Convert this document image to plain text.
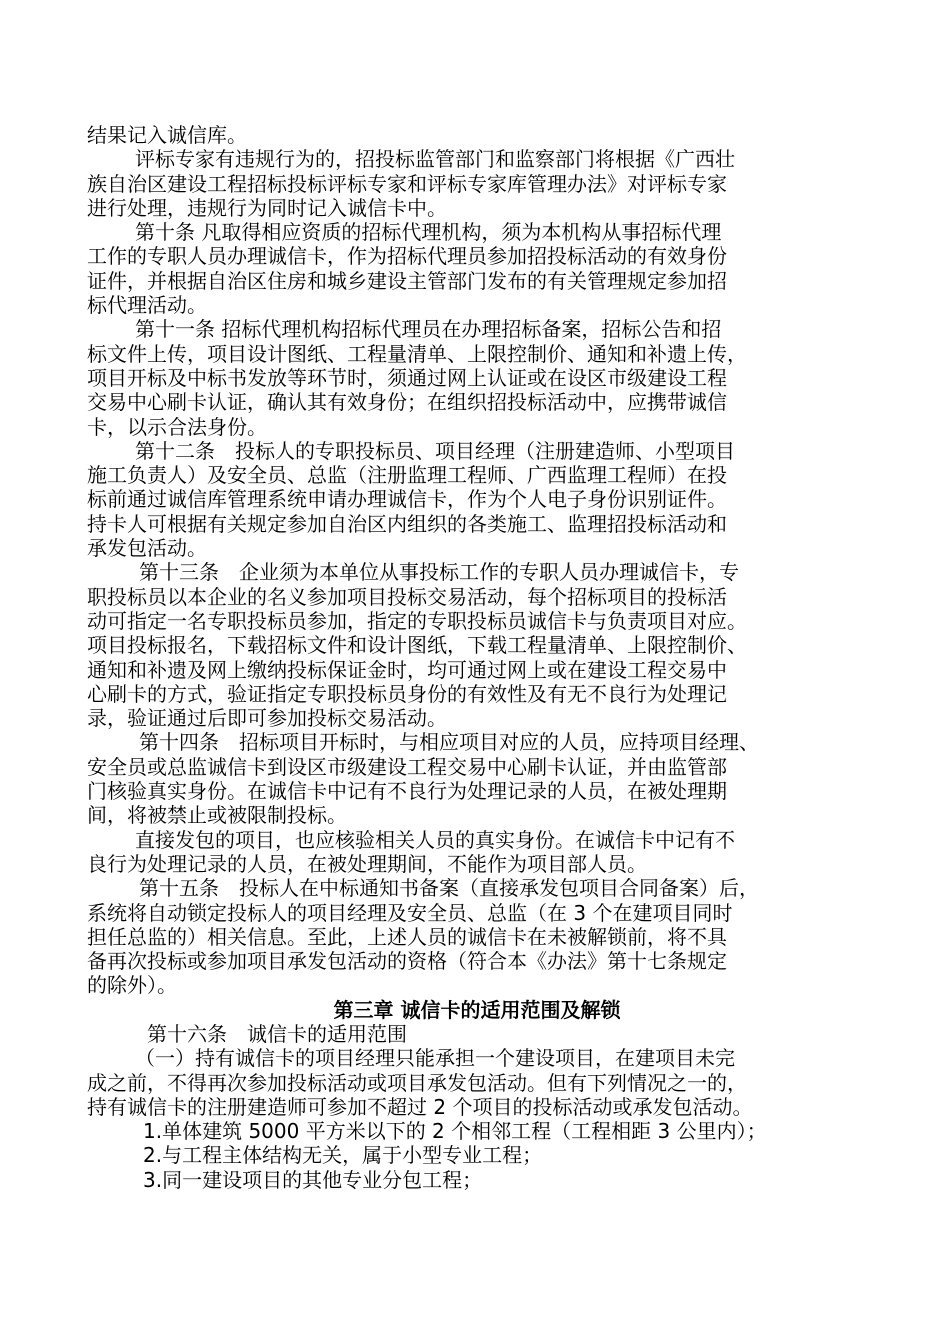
结果记入诚信库。
评标专家有违规行为的，招投标监管部门和监察部门将根据《广西壮
族自治区建设工程招标投标评标专家和评标专家库管理办法》对评标专家
进行处理，违规行为同时记入诚信卡中。
第十条 凡取得相应资质的招标代理机构，须为本机构从事招标代理
工作的专职人员办理诚信卡，作为招标代理员参加招投标活动的有效身份
证件，并根据自治区住房和城乡建设主管部门发布的有关管理规定参加招
标代理活动。
第十一条 招标代理机构招标代理员在办理招标备案，招标公告和招
标文件上传，项目设计图纸、工程量清单、上限控制价、通知和补遗上传，
项目开标及中标书发放等环节时，须通过网上认证或在设区市级建设工程
交易中心刷卡认证，确认其有效身份；在组织招投标活动中，应携带诚信
卡，以示合法身份。
第十二条　投标人的专职投标员、项目经理（注册建造师、小型项目
施工负责人）及安全员、总监（注册监理工程师、广西监理工程师）在投
标前通过诚信库管理系统申请办理诚信卡，作为个人电子身份识别证件。
持卡人可根据有关规定参加自治区内组织的各类施工、监理招投标活动和
承发包活动。
第十三条　企业须为本单位从事投标工作的专职人员办理诚信卡，专
职投标员以本企业的名义参加项目投标交易活动，每个招标项目的投标活
动可指定一名专职投标员参加，指定的专职投标员诚信卡与负责项目对应。
项目投标报名，下载招标文件和设计图纸，下载工程量清单、上限控制价、
通知和补遗及网上缴纳投标保证金时，均可通过网上或在建设工程交易中
心刷卡的方式，验证指定专职投标员身份的有效性及有无不良行为处理记
录，验证通过后即可参加投标交易活动。
第十四条　招标项目开标时，与相应项目对应的人员，应持项目经理、
安全员或总监诚信卡到设区市级建设工程交易中心刷卡认证，并由监管部
门核验真实身份。在诚信卡中记有不良行为处理记录的人员，在被处理期
间，将被禁止或被限制投标。
直接发包的项目，也应核验相关人员的真实身份。在诚信卡中记有不
良行为处理记录的人员，在被处理期间，不能作为项目部人员。
第十五条　投标人在中标通知书备案（直接承发包项目合同备案）后，
系统将自动锁定投标人的项目经理及安全员、总监（在 3 个在建项目同时
担任总监的）相关信息。至此，上述人员的诚信卡在未被解锁前，将不具
备再次投标或参加项目承发包活动的资格（符合本《办法》第十七条规定
的除外）。
第三章 诚信卡的适用范围及解锁
第十六条　诚信卡的适用范围
（一）持有诚信卡的项目经理只能承担一个建设项目，在建项目未完
成之前，不得再次参加投标活动或项目承发包活动。但有下列情况之一的，
持有诚信卡的注册建造师可参加不超过 2 个项目的投标活动或承发包活动。
1.单体建筑 5000 平方米以下的 2 个相邻工程（工程相距 3 公里内）；
2.与工程主体结构无关，属于小型专业工程；
3.同一建设项目的其他专业分包工程；
